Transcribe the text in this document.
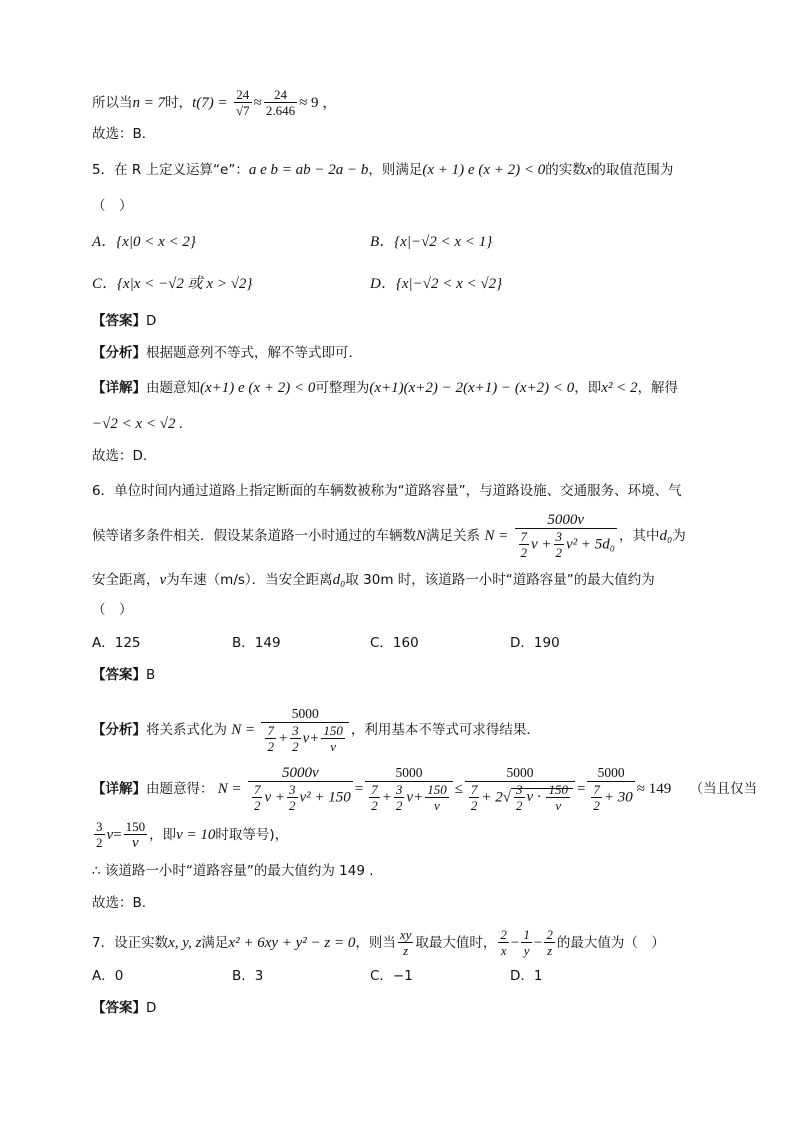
所以当n = 7时，$t(7) = \frac{24}{√7} \approx \frac{24}{2.646} \approx 9$ ，
故选：B．
5．在 R 上定义运算“e”：a e b = ab − 2a − b，则满足(x + 1) e (x + 2) < 0的实数x的取值范围为
（　）
A．{x|0 < x < 2}	B．{x|−√2 < x < 1}
C．{x|x < −√2 或 x > √2}	D．{x|−√2 < x < √2}
【答案】D
【分析】根据题意列不等式，解不等式即可．
【详解】由题意知(x+1) e (x + 2) < 0可整理为(x+1)(x+2) − 2(x+1) − (x+2) < 0，即x² < 2，解得
−√2 < x < √2 .
故选：D.
6．单位时间内通过道路上指定断面的车辆数被称为“道路容量”，与道路设施、交通服务、环境、气
候等诸多条件相关．假设某条道路一小时通过的车辆数N满足关系 $N = \frac{5000v}{\frac{7}{2} v + \frac{3}{2} v^2 + 5d_0}$ ，其中d₀为
安全距离，v为车速（m/s）．当安全距离d₀取 30m 时，该道路一小时“道路容量”的最大值约为
（　）
A．125	B．149	C．160	D．190
【答案】B
【分析】将关系式化为 $N = \frac{5000}{\frac{7}{2} + \frac{3}{2} v+ \frac{150}{v}}$ ，利用基本不等式可求得结果．
【详解】由题意得： $N = \frac{5000v}{\frac{7}{2} v + \frac{3}{2} v^2 + 150} = \frac{5000}{\frac{7}{2} + \frac{3}{2} v+ \frac{150}{v}} \le \frac{5000}{\frac{7}{2} + 2√ \frac{3}{2} v \cdot \frac{150}{v}} = \frac{5000}{\frac{7}{2} + 30} \approx 149$ （当且仅当
$\frac{3}{2} v= \frac{150}{v}$ ，即v = 10时取等号)，
∴ 该道路一小时“道路容量”的最大值约为 149 .
故选：B.
7．设正实数x, y, z满足x² + 6xy + y² − z = 0，则当 $\frac{xy}{z}$ 取最大值时， $\frac{2}{x} - \frac{1}{y} - \frac{2}{z}$ 的最大值为（　）
A．0	B．3	C．−1	D．1
【答案】D
